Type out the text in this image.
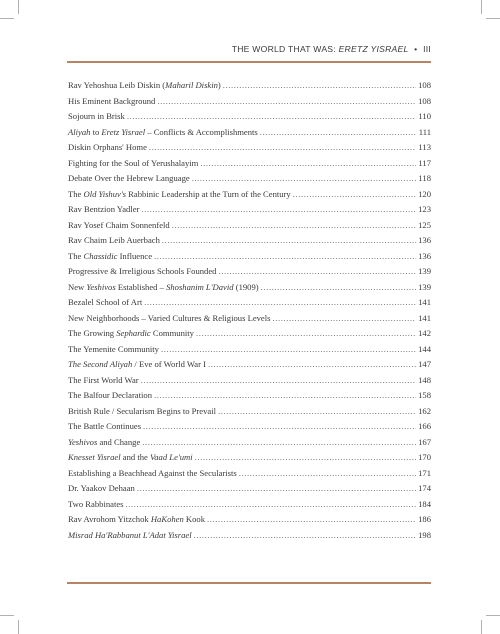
THE WORLD THAT WAS: ERETZ YISRAEL • III
Rav Yehoshua Leib Diskin (Maharil Diskin) .....	108
His Eminent Background .....	108
Sojourn in Brisk .....	110
Aliyah to Eretz Yisrael – Conflicts & Accomplishments .....	111
Diskin Orphans' Home .....	113
Fighting for the Soul of Yerushalayim .....	117
Debate Over the Hebrew Language .....	118
The Old Yishuv's Rabbinic Leadership at the Turn of the Century .....	120
Rav Bentzion Yadler .....	123
Rav Yosef Chaim Sonnenfeld .....	125
Rav Chaim Leib Auerbach .....	136
The Chassidic Influence .....	136
Progressive & Irreligious Schools Founded .....	139
New Yeshivos Established – Shoshanim L'David (1909) .....	139
Bezalel School of Art .....	141
New Neighborhoods – Varied Cultures & Religious Levels .....	141
The Growing Sephardic Community .....	142
The Yemenite Community .....	144
The Second Aliyah / Eve of World War I .....	147
The First World War .....	148
The Balfour Declaration .....	158
British Rule / Secularism Begins to Prevail .....	162
The Battle Continues .....	166
Yeshivos and Change .....	167
Knesset Yisrael and the Vaad Le'umi .....	170
Establishing a Beachhead Against the Secularists .....	171
Dr. Yaakov Dehaan .....	174
Two Rabbinates .....	184
Rav Avrohom Yitzchok HaKohen Kook .....	186
Misrad Ha'Rabbanut L'Adat Yisrael .....	198
